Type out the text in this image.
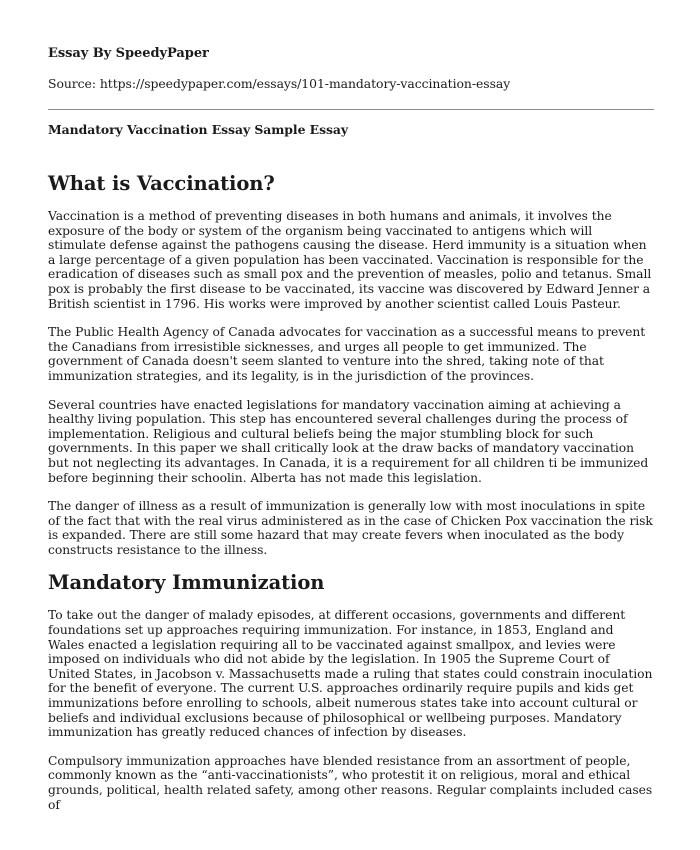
Essay By SpeedyPaper

Source: https://speedypaper.com/essays/101-mandatory-vaccination-essay

Mandatory Vaccination Essay Sample Essay

What is Vaccination?

Vaccination is a method of preventing diseases in both humans and animals, it involves the exposure of the body or system of the organism being vaccinated to antigens which will stimulate defense against the pathogens causing the disease. Herd immunity is a situation when a large percentage of a given population has been vaccinated. Vaccination is responsible for the eradication of diseases such as small pox and the prevention of measles, polio and tetanus. Small pox is probably the first disease to be vaccinated, its vaccine was discovered by Edward Jenner a British scientist in 1796. His works were improved by another scientist called Louis Pasteur.

The Public Health Agency of Canada advocates for vaccination as a successful means to prevent the Canadians from irresistible sicknesses, and urges all people to get immunized. The government of Canada doesn't seem slanted to venture into the shred, taking note of that immunization strategies, and its legality, is in the jurisdiction of the provinces.

Several countries have enacted legislations for mandatory vaccination aiming at achieving a healthy living population. This step has encountered several challenges during the process of implementation. Religious and cultural beliefs being the major stumbling block for such governments. In this paper we shall critically look at the draw backs of mandatory vaccination but not neglecting its advantages. In Canada, it is a requirement for all children ti be immunized before beginning their schoolin. Alberta has not made this legislation.

The danger of illness as a result of immunization is generally low with most inoculations in spite of the fact that with the real virus administered as in the case of Chicken Pox vaccination the risk is expanded. There are still some hazard that may create fevers when inoculated as the body constructs resistance to the illness.

Mandatory Immunization

To take out the danger of malady episodes, at different occasions, governments and different foundations set up approaches requiring immunization. For instance, in 1853, England and Wales enacted a legislation requiring all to be vaccinated against smallpox, and levies were imposed on individuals who did not abide by the legislation. In 1905 the Supreme Court of United States, in Jacobson v. Massachusetts made a ruling that states could constrain inoculation for the benefit of everyone. The current U.S. approaches ordinarily require pupils and kids get immunizations before enrolling to schools, albeit numerous states take into account cultural or beliefs and individual exclusions because of philosophical or wellbeing purposes. Mandatory immunization has greatly reduced chances of infection by diseases.

Compulsory immunization approaches have blended resistance from an assortment of people, commonly known as the “anti-vaccinationists”, who protestit it on religious, moral and ethical grounds, political, health related safety, among other reasons. Regular complaints included cases of
